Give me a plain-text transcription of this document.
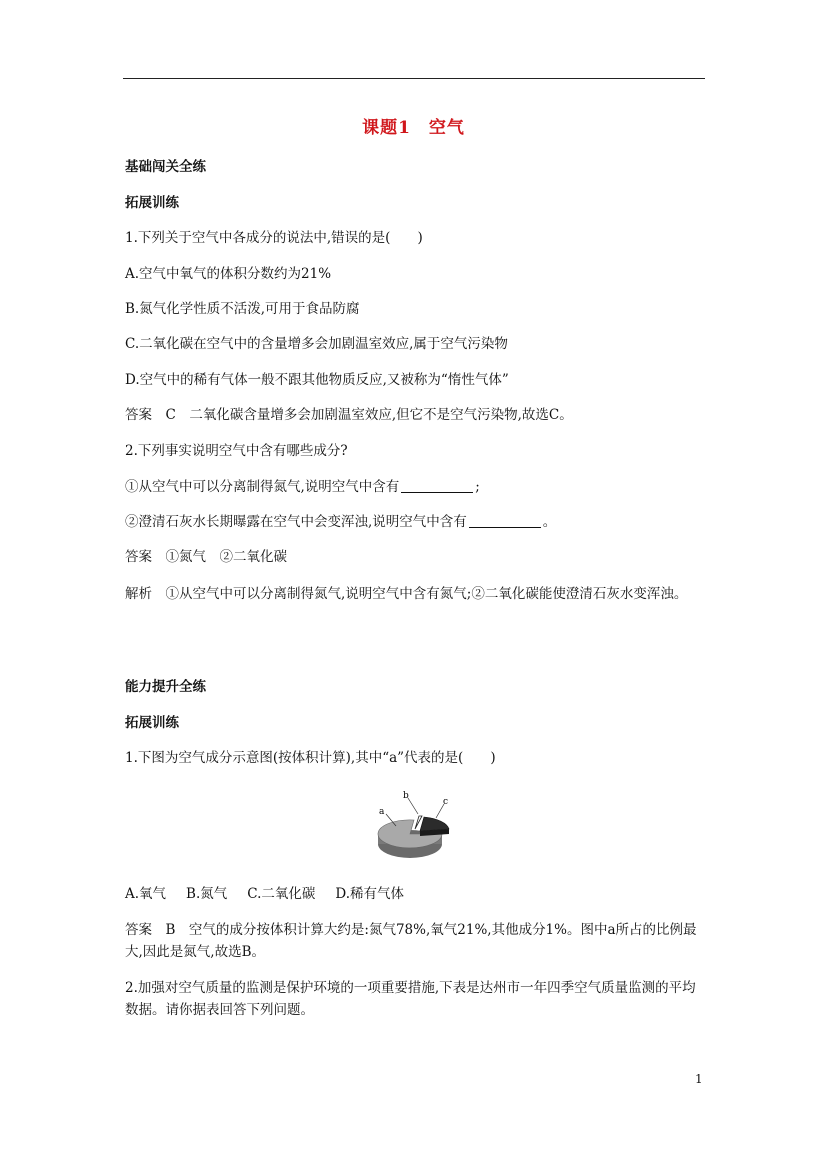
课题1　空气
基础闯关全练
拓展训练
1.下列关于空气中各成分的说法中,错误的是(　　)
A.空气中氧气的体积分数约为21%
B.氮气化学性质不活泼,可用于食品防腐
C.二氧化碳在空气中的含量增多会加剧温室效应,属于空气污染物
D.空气中的稀有气体一般不跟其他物质反应,又被称为“惰性气体”
答案　C　二氧化碳含量增多会加剧温室效应,但它不是空气污染物,故选C。
2.下列事实说明空气中含有哪些成分?
①从空气中可以分离制得氮气,说明空气中含有	;
②澄清石灰水长期曝露在空气中会变浑浊,说明空气中含有	。
答案　①氮气　②二氧化碳
解析　①从空气中可以分离制得氮气,说明空气中含有氮气;②二氧化碳能使澄清石灰水变浑浊。
能力提升全练
拓展训练
1.下图为空气成分示意图(按体积计算),其中“a”代表的是(　　)
a
b
c
A.氧气 B.氮气 C.二氧化碳 D.稀有气体
答案　B　空气的成分按体积计算大约是:氮气78%,氧气21%,其他成分1%。图中a所占的比例最大,因此是氮气,故选B。
2.加强对空气质量的监测是保护环境的一项重要措施,下表是达州市一年四季空气质量监测的平均数据。请你据表回答下列问题。
1
